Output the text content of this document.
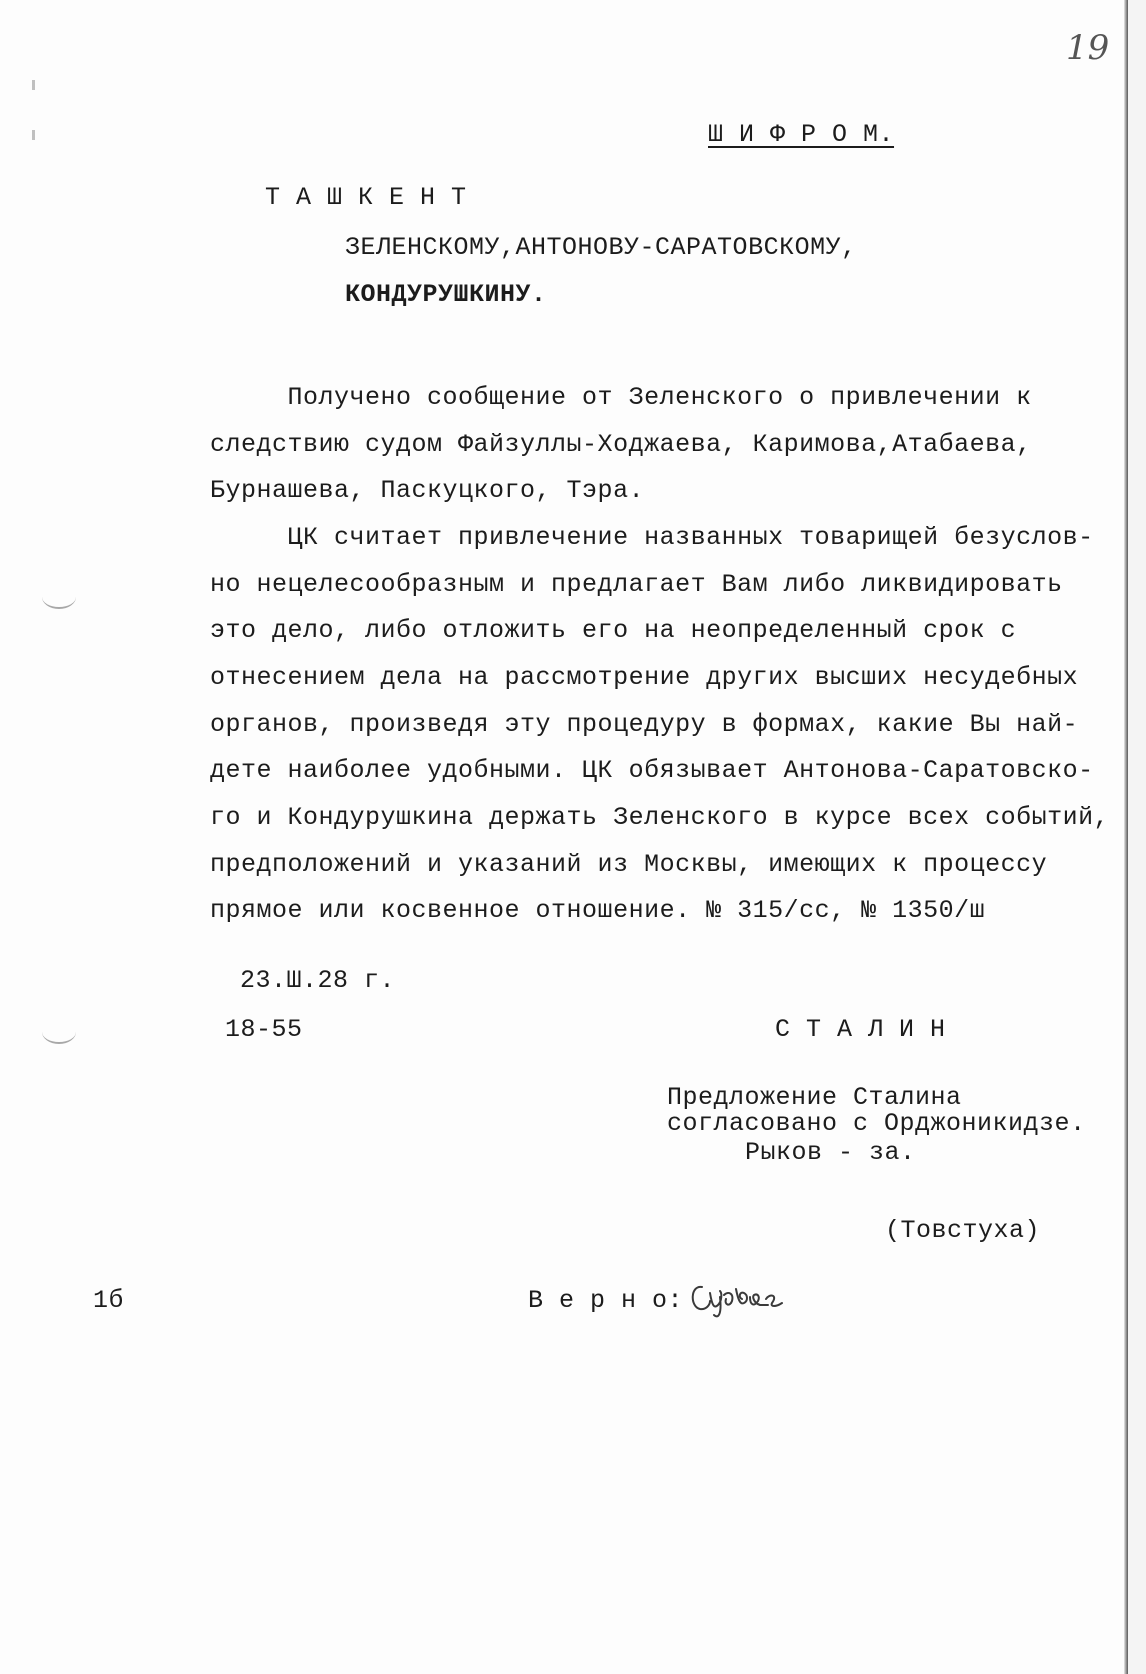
19
Ш И Ф Р О М.
Т А Ш К Е Н Т
ЗЕЛЕНСКОМУ,АНТОНОВУ-САРАТОВСКОМУ,
КОНДУРУШКИНУ.
Получено сообщение от Зеленского о привлечении к
следствию судом Файзуллы-Ходжаева, Каримова,Атабаева,
Бурнашева, Паскуцкого, Тэра.
ЦК считает привлечение названных товарищей безуслов-
но нецелесообразным и предлагает Вам либо ликвидировать
это дело, либо отложить его на неопределенный срок с
отнесением дела на рассмотрение других высших несудебных
органов, произведя эту процедуру в формах, какие Вы най-
дете наиболее удобными. ЦК обязывает Антонова-Саратовско-
го и Кондурушкина держать Зеленского в курсе всех событий,
предположений и указаний из Москвы, имеющих к процессу
прямое или косвенное отношение. № 315/сс, № 1350/ш
23.Ш.28 г.
18-55	С Т А Л И Н
Предложение Сталина
согласовано с Орджоникидзе.
Рыков - за.
(Товстуха)
1б	В е р н о:
